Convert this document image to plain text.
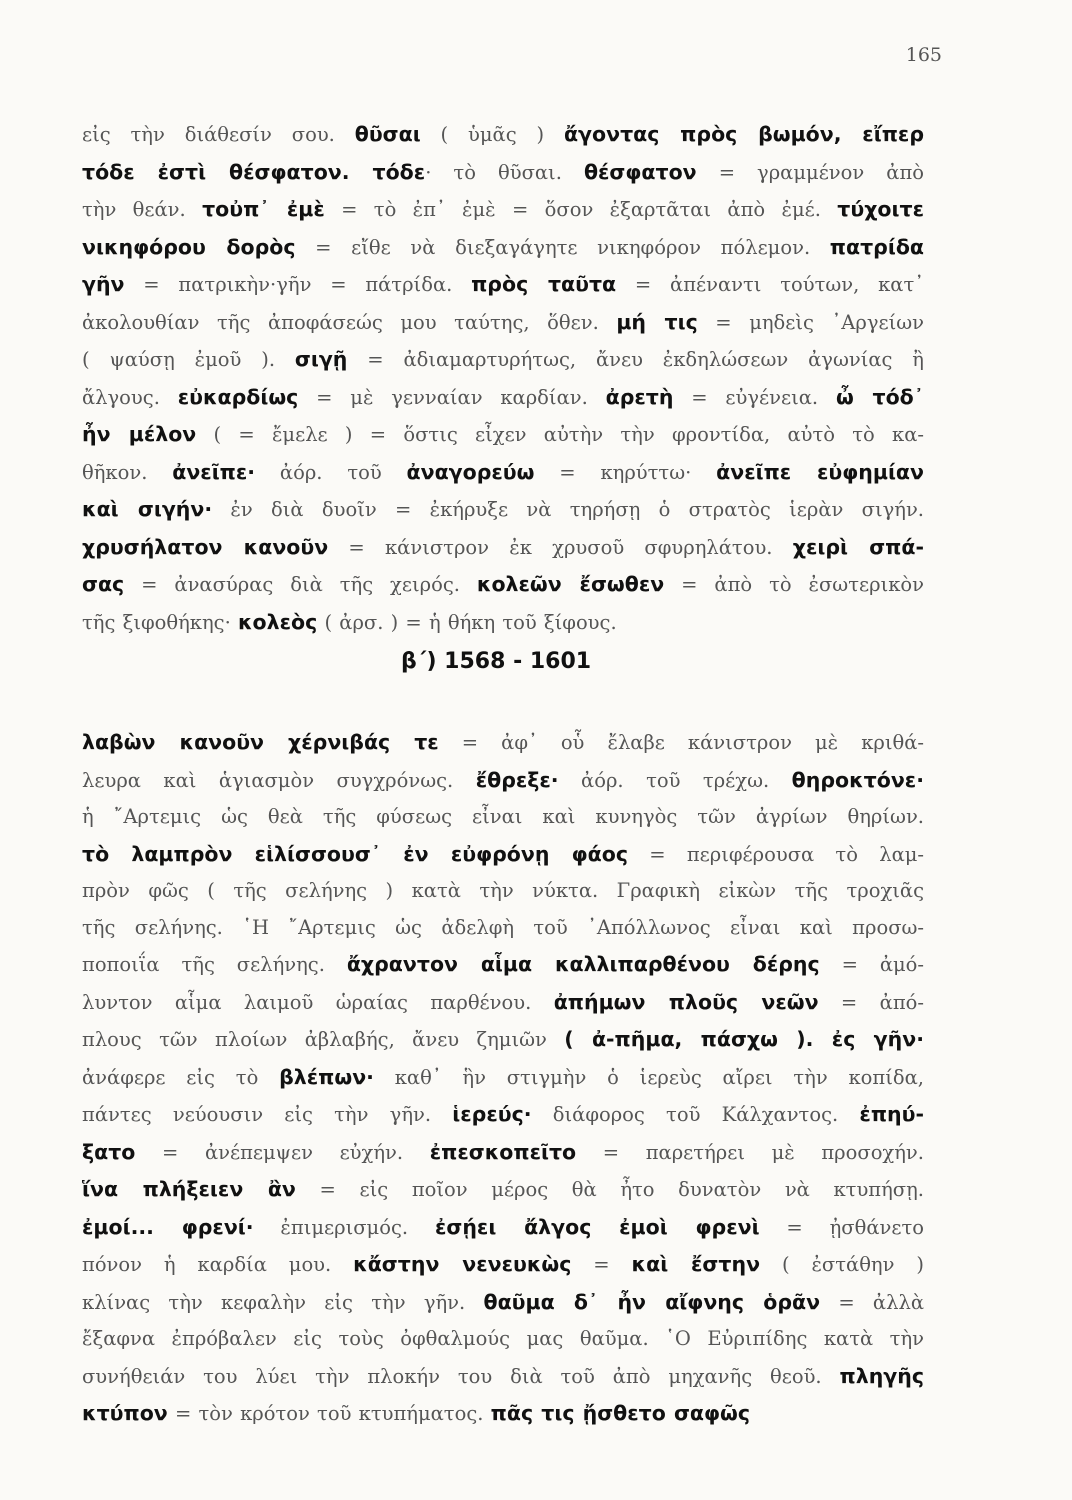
165
εἰς τὴν διάθεσίν σου. θῦσαι ( ὑμᾶς ) ἄγοντας πρὸς βωμόν, εἴπερ
τόδε ἐστὶ θέσφατον. τόδε· τὸ θῦσαι. θέσφατον = γραμμένον ἀπὸ
τὴν θεάν. τοὐπ᾽ ἐμὲ = τὸ ἐπ᾽ ἐμὲ = ὅσον ἐξαρτᾶται ἀπὸ ἐμέ. τύχοιτε
νικηφόρου δορὸς = εἴθε νὰ διεξαγάγητε νικηφόρον πόλεμον. πατρίδα
γῆν = πατρικὴν·γῆν = πάτρίδα. πρὸς ταῦτα = ἀπέναντι τούτων, κατ᾽
ἀκολουθίαν τῆς ἀποφάσεώς μου ταύτης, ὅθεν. μή τις = μηδεὶς ᾿Αργείων
( ψαύσῃ ἐμοῦ ). σιγῇ = ἀδιαμαρτυρήτως, ἄνευ ἐκδηλώσεων ἀγωνίας ἢ
ἄλγους. εὐκαρδίως = μὲ γενναίαν καρδίαν. ἀρετὴ = εὐγένεια. ὦ τόδ᾽
ἦν μέλον ( = ἔμελε ) = ὅστις εἶχεν αὐτὴν τὴν φροντίδα, αὐτὸ τὸ κα-
θῆκον. ἀνεῖπε· ἀόρ. τοῦ ἀναγορεύω = κηρύττω· ἀνεῖπε εὐφημίαν
καὶ σιγήν· ἐν διὰ δυοῖν = ἐκήρυξε νὰ τηρήσῃ ὁ στρατὸς ἱερὰν σιγήν.
χρυσήλατον κανοῦν = κάνιστρον ἐκ χρυσοῦ σφυρηλάτου. χειρὶ σπά-
σας = ἀνασύρας διὰ τῆς χειρός. κολεῶν ἔσωθεν = ἀπὸ τὸ ἐσωτερικὸν
τῆς ξιφοθήκης· κολεὸς ( ἀρσ. ) = ἡ θήκη τοῦ ξίφους.
β΄) 1568 - 1601
λαβὼν κανοῦν χέρνιβάς τε = ἀφ᾽ οὗ ἔλαβε κάνιστρον μὲ κριθά-
λευρα καὶ ἁγιασμὸν συγχρόνως. ἔθρεξε· ἀόρ. τοῦ τρέχω. θηροκτόνε·
ἡ ῎Αρτεμις ὡς θεὰ τῆς φύσεως εἶναι καὶ κυνηγὸς τῶν ἀγρίων θηρίων.
τὸ λαμπρὸν εἱλίσσουσ᾽ ἐν εὐφρόνῃ φάος = περιφέρουσα τὸ λαμ-
πρὸν φῶς ( τῆς σελήνης ) κατὰ τὴν νύκτα. Γραφικὴ εἰκὼν τῆς τροχιᾶς
τῆς σελήνης. ῾Η ῎Αρτεμις ὡς ἀδελφὴ τοῦ ᾿Απόλλωνος εἶναι καὶ προσω-
ποποιΐα τῆς σελήνης. ἄχραντον αἷμα καλλιπαρθένου δέρης = ἀμό-
λυντον αἷμα λαιμοῦ ὡραίας παρθένου. ἀπήμων πλοῦς νεῶν = ἀπό-
πλους τῶν πλοίων ἀβλαβής, ἄνευ ζημιῶν ( ἀ-πῆμα, πάσχω ). ἐς γῆν·
ἀνάφερε εἰς τὸ βλέπων· καθ᾽ ἣν στιγμὴν ὁ ἱερεὺς αἴρει τὴν κοπίδα,
πάντες νεύουσιν εἰς τὴν γῆν. ἱερεύς· διάφορος τοῦ Κάλχαντος. ἐπηύ-
ξατο = ἀνέπεμψεν εὐχήν. ἐπεσκοπεῖτο = παρετήρει μὲ προσοχήν.
ἵνα πλήξειεν ἂν = εἰς ποῖον μέρος θὰ ἦτο δυνατὸν νὰ κτυπήσῃ.
ἐμοί... φρενί· ἐπιμερισμός. ἐσῄει ἄλγος ἐμοὶ φρενὶ = ᾐσθάνετο
πόνον ἡ καρδία μου. κἄστην νενευκὼς = καὶ ἔστην ( ἐστάθην )
κλίνας τὴν κεφαλὴν εἰς τὴν γῆν. θαῦμα δ᾽ ἦν αἴφνης ὁρᾶν = ἀλλὰ
ἔξαφνα ἐπρόβαλεν εἰς τοὺς ὀφθαλμούς μας θαῦμα. ῾Ο Εὐριπίδης κατὰ τὴν
συνήθειάν του λύει τὴν πλοκήν του διὰ τοῦ ἀπὸ μηχανῆς θεοῦ. πληγῆς
κτύπον = τὸν κρότον τοῦ κτυπήματος. πᾶς τις ᾔσθετο σαφῶς
